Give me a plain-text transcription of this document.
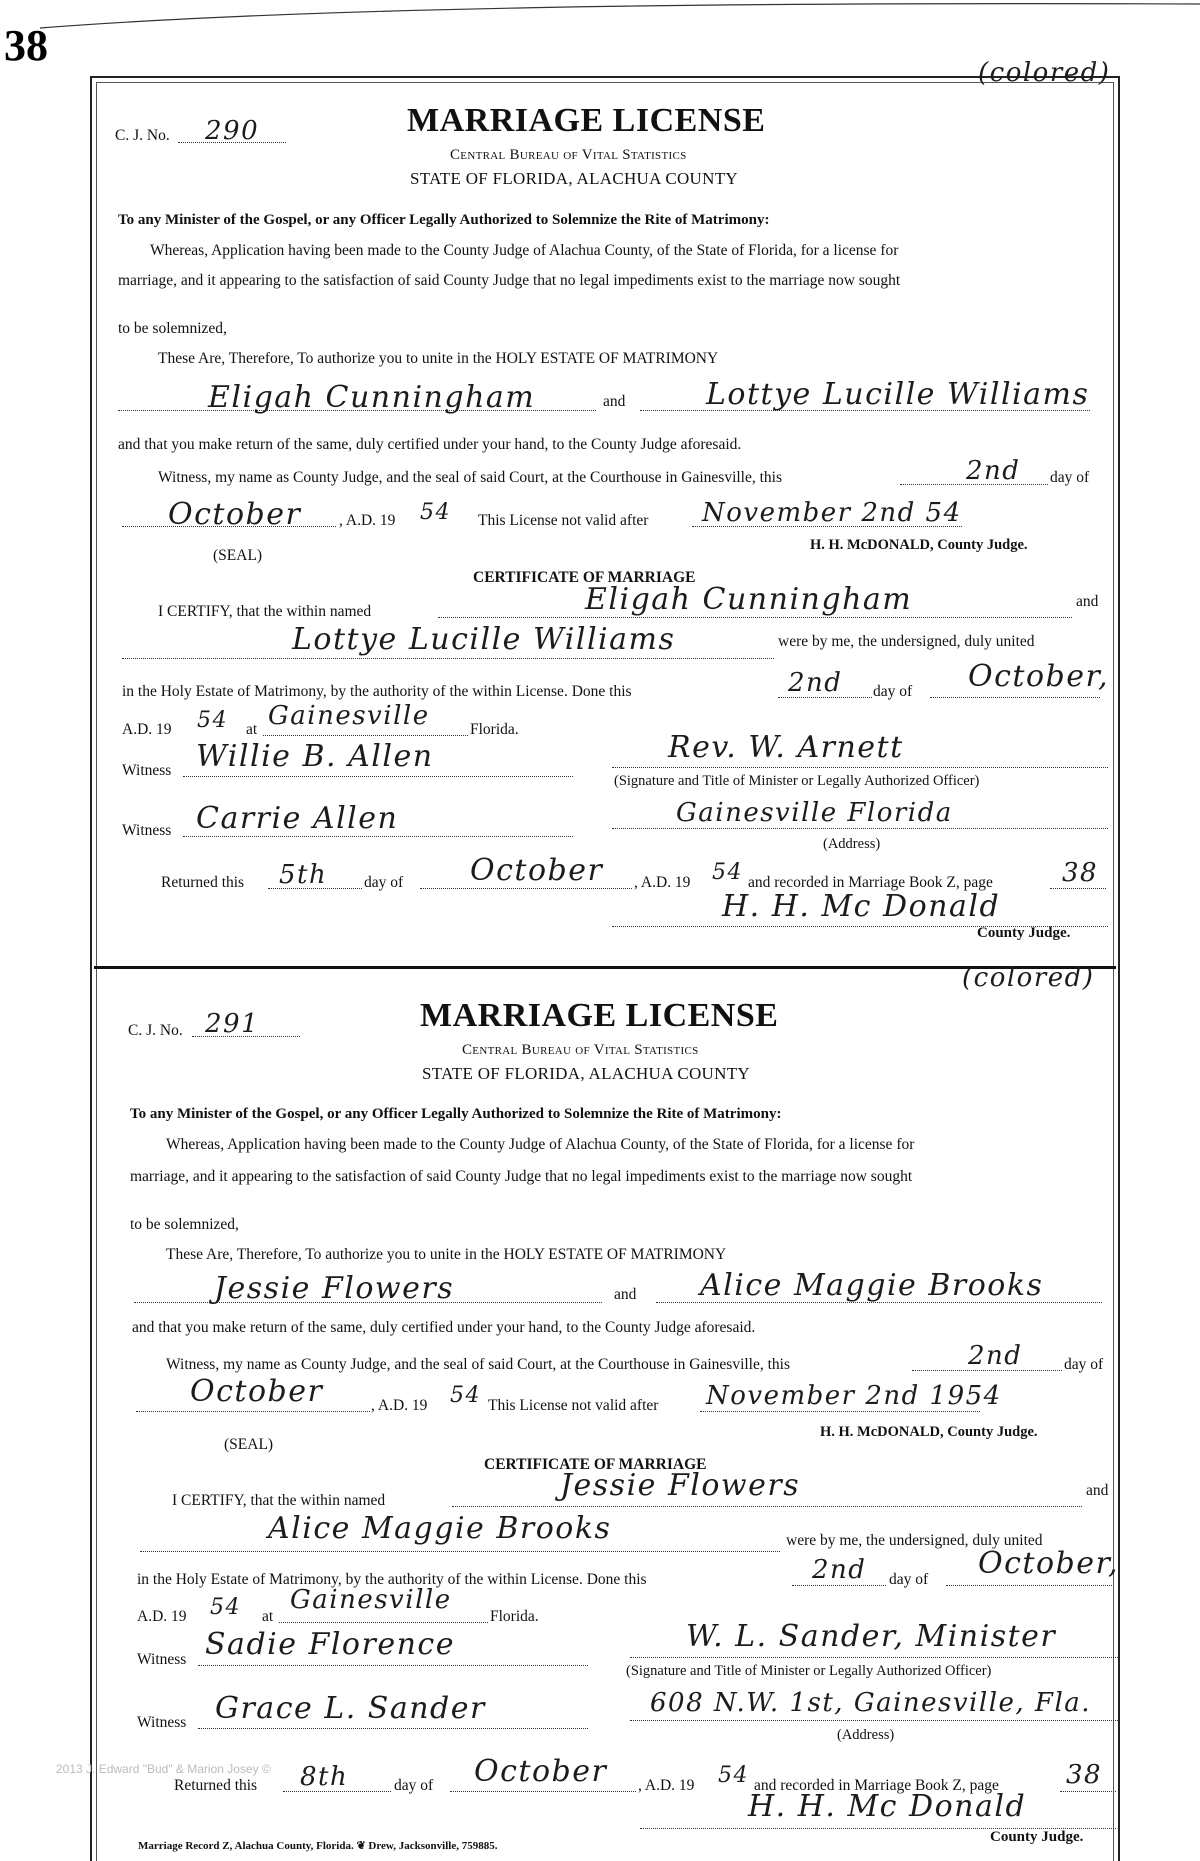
38
(colored)
C. J. No. 290	MARRIAGE LICENSE
Central Bureau of Vital Statistics
STATE OF FLORIDA, ALACHUA COUNTY
To any Minister of the Gospel, or any Officer Legally Authorized to Solemnize the Rite of Matrimony:
Whereas, Application having been made to the County Judge of Alachua County, of the State of Florida, for a license for
marriage, and it appearing to the satisfaction of said County Judge that no legal impediments exist to the marriage now sought
to be solemnized,
These Are, Therefore, To authorize you to unite in the HOLY ESTATE OF MATRIMONY
Eligah Cunningham	and	Lottye Lucille Williams
and that you make return of the same, duly certified under your hand, to the County Judge aforesaid.
Witness, my name as County Judge, and the seal of said Court, at the Courthouse in Gainesville, this	2nd day of
October , A.D. 19 54 This License not valid after November 2nd 54
(SEAL)
H. H. McDONALD, County Judge.
CERTIFICATE OF MARRIAGE
I CERTIFY, that the within named	Eligah Cunningham	and
Lottye Lucille Williams	were by me, the undersigned, duly united
in the Holy Estate of Matrimony, by the authority of the within License. Done this	2nd day of October,
A.D. 19 54 at Gainesville	Florida.
Witness Willie B. Allen	Rev. W. Arnett
(Signature and Title of Minister or Legally Authorized Officer)
Witness Carrie Allen	Gainesville Florida
(Address)
Returned this 5th day of October , A.D. 19 54 and recorded in Marriage Book Z, page	38
H. H. Mc Donald
County Judge.
(colored)
C. J. No. 291	MARRIAGE LICENSE
Central Bureau of Vital Statistics
STATE OF FLORIDA, ALACHUA COUNTY
To any Minister of the Gospel, or any Officer Legally Authorized to Solemnize the Rite of Matrimony:
Whereas, Application having been made to the County Judge of Alachua County, of the State of Florida, for a license for
marriage, and it appearing to the satisfaction of said County Judge that no legal impediments exist to the marriage now sought
to be solemnized,
These Are, Therefore, To authorize you to unite in the HOLY ESTATE OF MATRIMONY
Jessie Flowers	and Alice Maggie Brooks
and that you make return of the same, duly certified under your hand, to the County Judge aforesaid.
Witness, my name as County Judge, and the seal of said Court, at the Courthouse in Gainesville, this	2nd	day of
October	, A.D. 19 54 This License not valid after November 2nd 1954
(SEAL)
H. H. McDONALD, County Judge.
CERTIFICATE OF MARRIAGE
I CERTIFY, that the within named	Jessie Flowers	and
Alice Maggie Brooks	were by me, the undersigned, duly united
in the Holy Estate of Matrimony, by the authority of the within License. Done this	2nd day of October,
A.D. 19 54 at
Gainesville
Florida.
Witness Sadie Florence	W. L. Sander, Minister
(Signature and Title of Minister or Legally Authorized Officer)
Witness Grace L. Sander	608 N.W. 1st, Gainesville, Fla.
(Address)
2013 J. Edward "Bud" & Marion Josey ©
Returned this 8th	day of October , A.D. 19 54 and recorded in Marriage Book Z, page	38
H. H. Mc Donald
County Judge.
Marriage Record Z, Alachua County, Florida. ❦ Drew, Jacksonville, 759885.
